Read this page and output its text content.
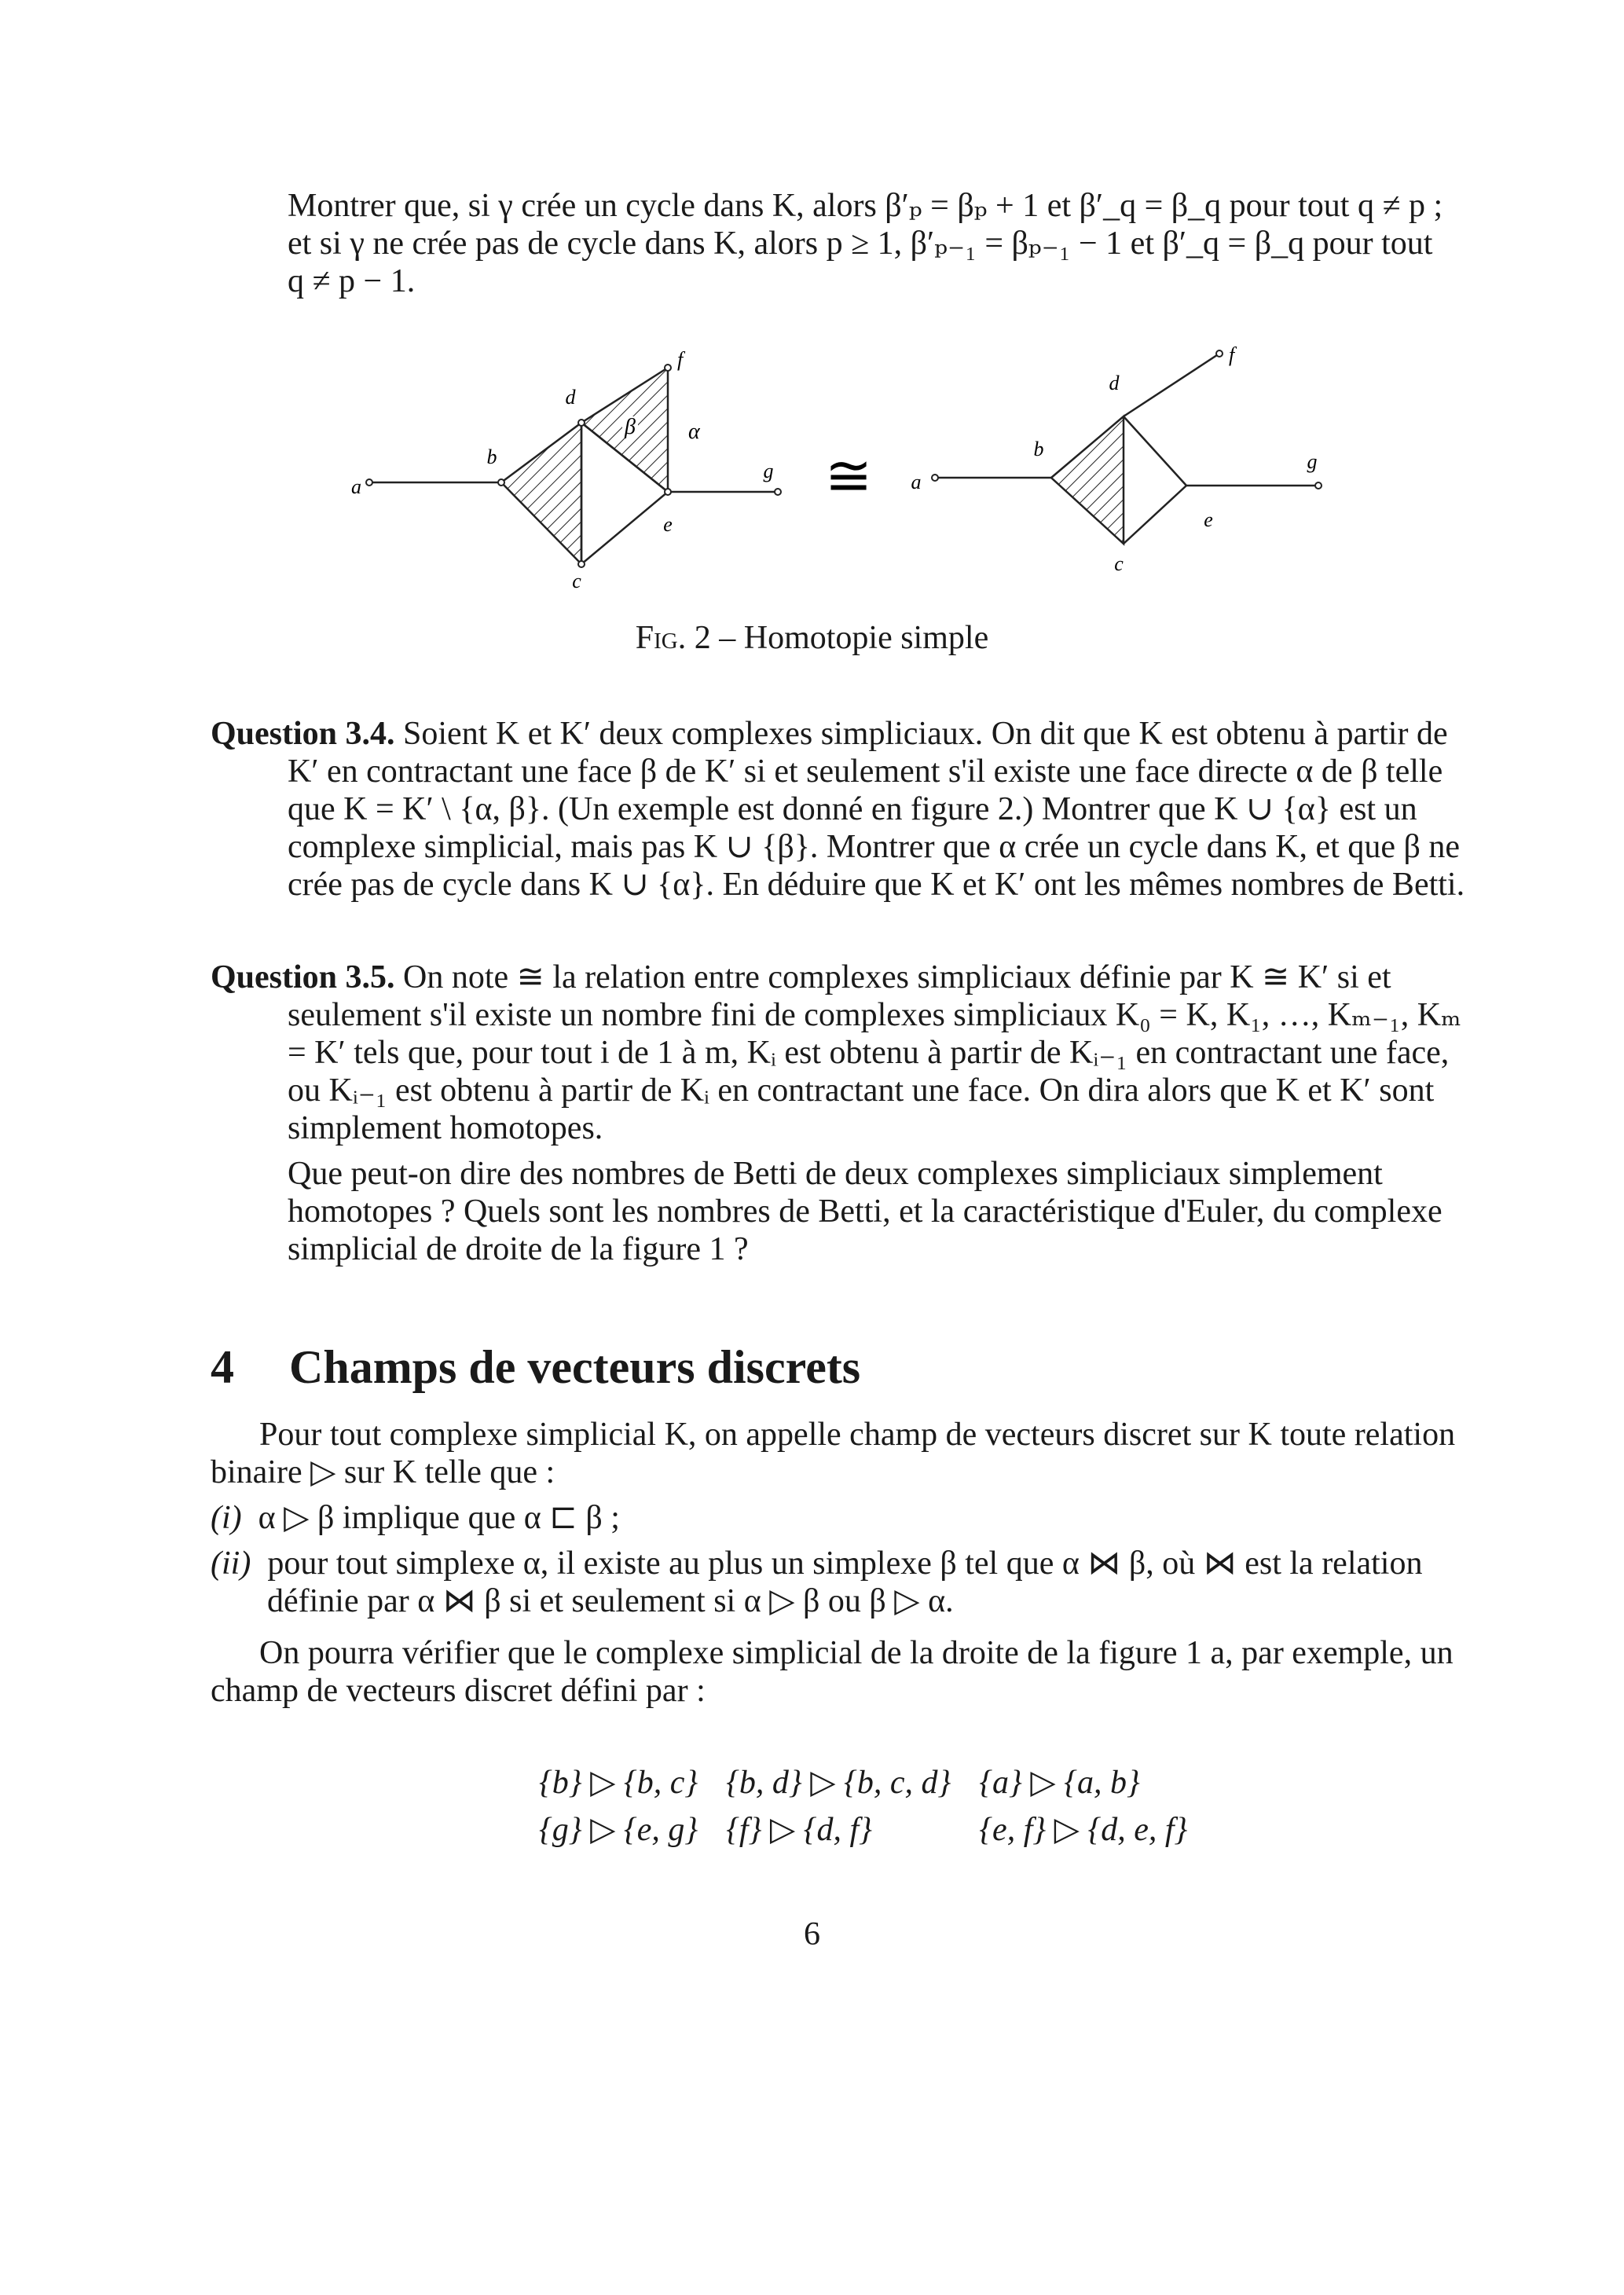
Montrer que, si γ crée un cycle dans K, alors β′ₚ = βₚ + 1 et β′_q = β_q pour tout q ≠ p ;

et si γ ne crée pas de cycle dans K, alors p ≥ 1, β′ₚ₋₁ = βₚ₋₁ − 1 et β′_q = β_q pour tout

q ≠ p − 1.

a
b
d
c
f
e
g
α
β
≅ a
b
d
c
f
e
g
Fig. 2 – Homotopie simple

Question 3.4. Soient K et K′ deux complexes simpliciaux. On dit que K est obtenu à partir de K′ en contractant une face β de K′ si et seulement s'il existe une face directe α de β telle que K = K′ \ {α, β}. (Un exemple est donné en figure 2.) Montrer que K ∪ {α} est un complexe simplicial, mais pas K ∪ {β}. Montrer que α crée un cycle dans K, et que β ne crée pas de cycle dans K ∪ {α}. En déduire que K et K′ ont les mêmes nombres de Betti.

Question 3.5. On note ≅ la relation entre complexes simpliciaux définie par K ≅ K′ si et seulement s'il existe un nombre fini de complexes simpliciaux K₀ = K, K₁, …, Kₘ₋₁, Kₘ = K′ tels que, pour tout i de 1 à m, Kᵢ est obtenu à partir de Kᵢ₋₁ en contractant une face, ou Kᵢ₋₁ est obtenu à partir de Kᵢ en contractant une face. On dira alors que K et K′ sont simplement homotopes.

Que peut-on dire des nombres de Betti de deux complexes simpliciaux simplement homotopes ? Quels sont les nombres de Betti, et la caractéristique d'Euler, du complexe simplicial de droite de la figure 1 ?

4 Champs de vecteurs discrets

Pour tout complexe simplicial K, on appelle champ de vecteurs discret sur K toute relation binaire ▷ sur K telle que :

(i) α ▷ β implique que α ⊏ β ;

(ii) pour tout simplexe α, il existe au plus un simplexe β tel que α ⋈ β, où ⋈ est la relation définie par α ⋈ β si et seulement si α ▷ β ou β ▷ α.

On pourra vérifier que le complexe simplicial de la droite de la figure 1 a, par exemple, un champ de vecteurs discret défini par :

{b} ▷ {b, c}	{b, d} ▷ {b, c, d}	{a} ▷ {a, b}
{g} ▷ {e, g}	{f} ▷ {d, f}	{e, f} ▷ {d, e, f}
6
